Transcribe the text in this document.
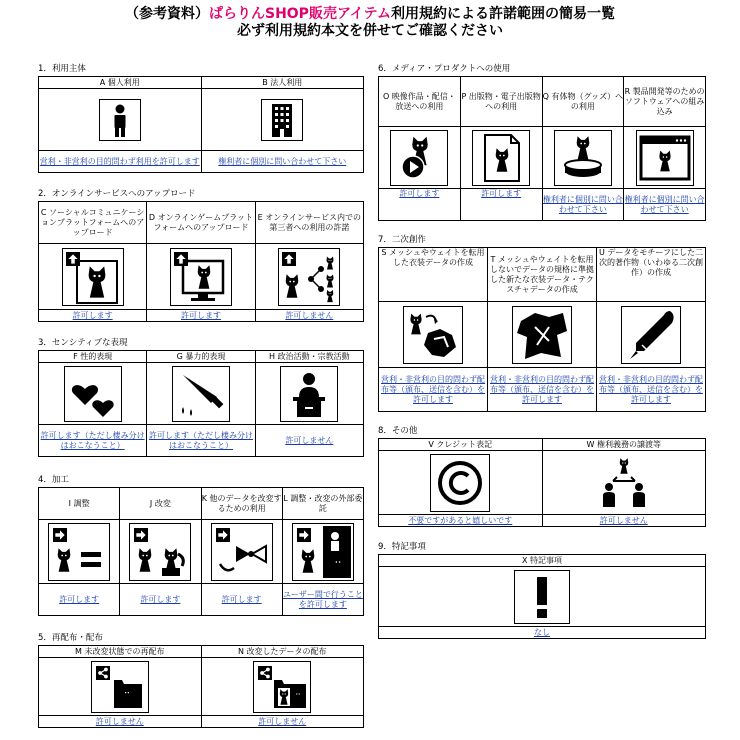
（参考資料）ぱらりんSHOP販売アイテム利用規約による許諾範囲の簡易一覧
必ず利用規約本文を併せてご確認ください
1．利用主体
A 個人利用	B 法人利用

営利・非営利の目的問わず利用を許可します	権利者に個別に問い合わせて下さい
2．オンラインサービスへのアップロード
C ソーシャルコミュニケーションプラットフォームへのアップロード	D オンラインゲームプラットフォームへのアップロード	E オンラインサービス内での第三者への利用の許諾

許可します	許可します	許可しません
3．センシティブな表現
F 性的表現	G 暴力的表現	H 政治活動・宗教活動

許可します（ただし棲み分けはおこなうこと）	許可します（ただし棲み分けはおこなうこと）	許可しません
4．加工
I 調整	J 改変	K 他のデータを改変するための利用	L 調整・改変の外部委託

許可します	許可します	許可します	ユーザー間で行うことを許可します
5．再配布・配布
M 未改変状態での再配布	N 改変したデータの配布

許可しません	許可しません
6．メディア・プロダクトへの使用
O 映像作品・配信・放送への利用	P 出版物・電子出版物への利用	Q 有体物（グッズ）への利用	R 製品開発等のためのソフトウェアへの組み込み

許可します	許可します	権利者に個別に問い合わせて下さい	権利者に個別に問い合わせて下さい
7．二次創作
S メッシュやウェイトを転用した衣装データの作成	T メッシュやウェイトを転用しないでデータの規格に準拠した新たな衣装データ・テクスチャデータの作成	U データをモチーフにした二次的著作物（いわゆる二次創作）の作成

営利・非営利の目的問わず配布等（頒布、送信を含む）を許可します	営利・非営利の目的問わず配布等（頒布、送信を含む）を許可します	営利・非営利の目的問わず配布等（頒布、送信を含む）を許可します
8．その他
V クレジット表記	W 権利義務の譲渡等

不要ですがあると嬉しいです	許可しません
9．特記事項
X 特記事項

なし
